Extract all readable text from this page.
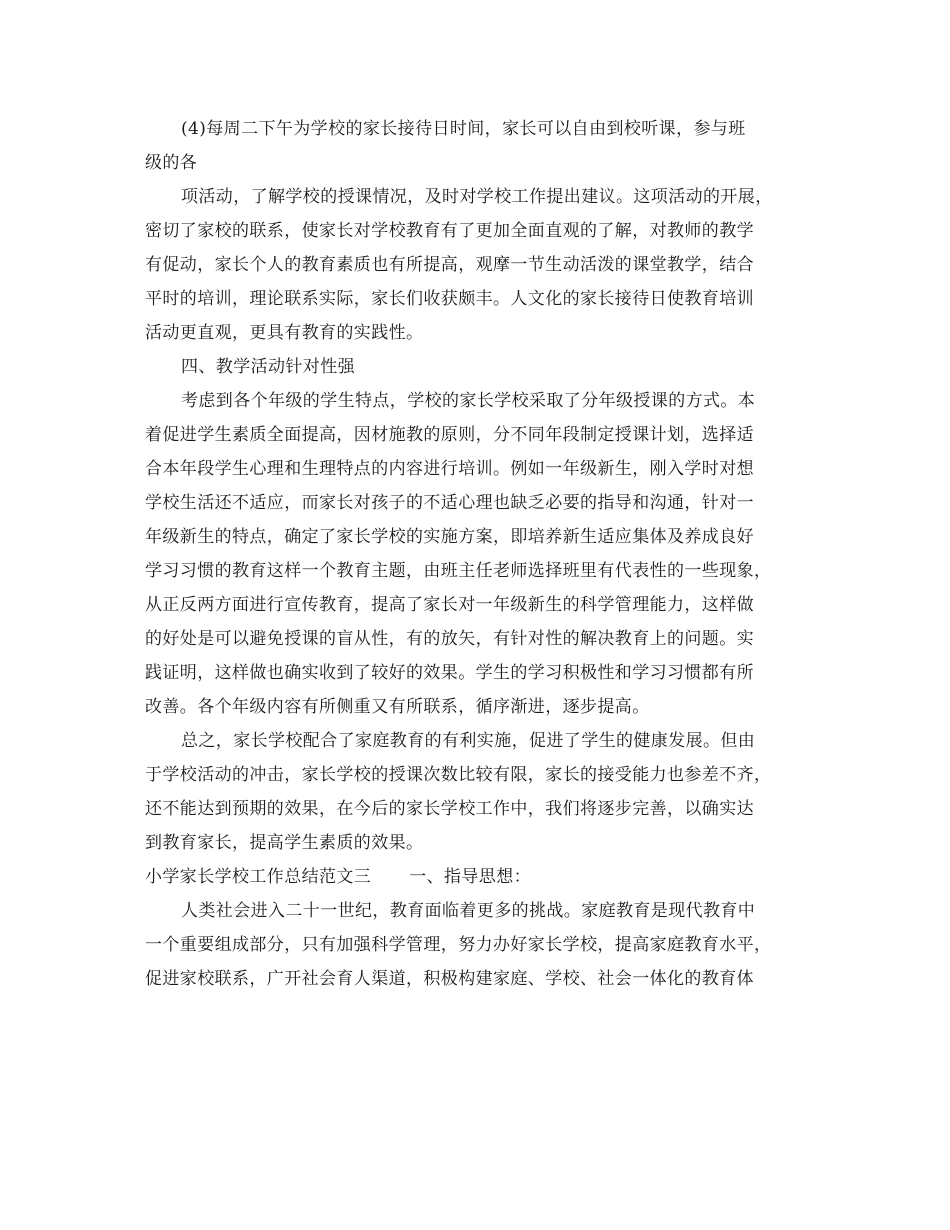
(4)每周二下午为学校的家长接待日时间，家长可以自由到校听课，参与班
级的各
项活动，了解学校的授课情况，及时对学校工作提出建议。这项活动的开展，
密切了家校的联系，使家长对学校教育有了更加全面直观的了解，对教师的教学
有促动，家长个人的教育素质也有所提高，观摩一节生动活泼的课堂教学，结合
平时的培训，理论联系实际，家长们收获颇丰。人文化的家长接待日使教育培训
活动更直观，更具有教育的实践性。
四、教学活动针对性强
考虑到各个年级的学生特点，学校的家长学校采取了分年级授课的方式。本
着促进学生素质全面提高，因材施教的原则，分不同年段制定授课计划，选择适
合本年段学生心理和生理特点的内容进行培训。例如一年级新生，刚入学时对想
学校生活还不适应，而家长对孩子的不适心理也缺乏必要的指导和沟通，针对一
年级新生的特点，确定了家长学校的实施方案，即培养新生适应集体及养成良好
学习习惯的教育这样一个教育主题，由班主任老师选择班里有代表性的一些现象，
从正反两方面进行宣传教育，提高了家长对一年级新生的科学管理能力，这样做
的好处是可以避免授课的盲从性，有的放矢，有针对性的解决教育上的问题。实
践证明，这样做也确实收到了较好的效果。学生的学习积极性和学习习惯都有所
改善。各个年级内容有所侧重又有所联系，循序渐进，逐步提高。
总之，家长学校配合了家庭教育的有利实施，促进了学生的健康发展。但由
于学校活动的冲击，家长学校的授课次数比较有限，家长的接受能力也参差不齐，
还不能达到预期的效果，在今后的家长学校工作中，我们将逐步完善，以确实达
到教育家长，提高学生素质的效果。
小学家长学校工作总结范文三 一、指导思想：
人类社会进入二十一世纪，教育面临着更多的挑战。家庭教育是现代教育中
一个重要组成部分，只有加强科学管理，努力办好家长学校，提高家庭教育水平，
促进家校联系，广开社会育人渠道，积极构建家庭、学校、社会一体化的教育体
